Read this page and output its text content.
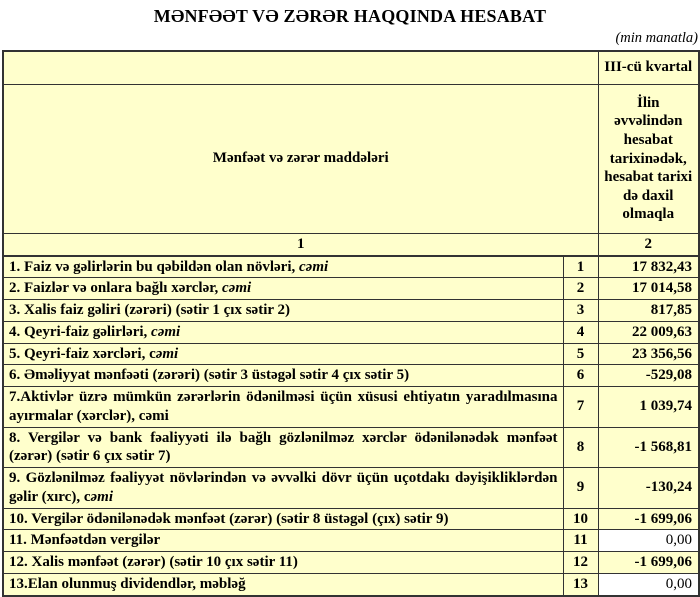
MƏNFƏƏT VƏ ZƏRƏR HAQQINDA HESABAT
(min manatla)
		III-cü kvartal
Mənfəət və zərər maddələri		İlin əvvəlindən hesabat tarixinədək, hesabat tarixi də daxil olmaqla
1		2
1. Faiz və gəlirlərin bu qəbildən olan növləri, cəmi	1	17 832,43
2. Faizlər və onlara bağlı xərclər, cəmi	2	17 014,58
3. Xalis faiz gəliri (zərəri) (sətir 1 çıx sətir 2)	3	817,85
4. Qeyri-faiz gəlirləri, cəmi	4	22 009,63
5. Qeyri-faiz xərcləri, cəmi	5	23 356,56
6. Əməliyyat mənfəəti (zərəri) (sətir 3 üstəgəl sətir 4 çıx sətir 5)	6	-529,08
7.Aktivlər üzrə mümkün zərərlərin ödənilməsi üçün xüsusi ehtiyatın yaradılmasına ayırmalar (xərclər), cəmi	7	1 039,74
8. Vergilər və bank fəaliyyəti ilə bağlı gözlənilməz xərclər ödənilənədək mənfəət (zərər) (sətir 6 çıx sətir 7)	8	-1 568,81
9. Gözlənilməz fəaliyyət növlərindən və əvvəlki dövr üçün uçotdakı dəyişikliklərdən gəlir (xırc), cəmi	9	-130,24
10. Vergilər ödənilənədək mənfəət (zərər) (sətir 8 üstəgəl (çıx) sətir 9)	10	-1 699,06
11. Mənfəətdən vergilər	11	0,00
12. Xalis mənfəət (zərər) (sətir 10 çıx sətir 11)	12	-1 699,06
13.Elan olunmuş dividendlər, məbləğ	13	0,00
